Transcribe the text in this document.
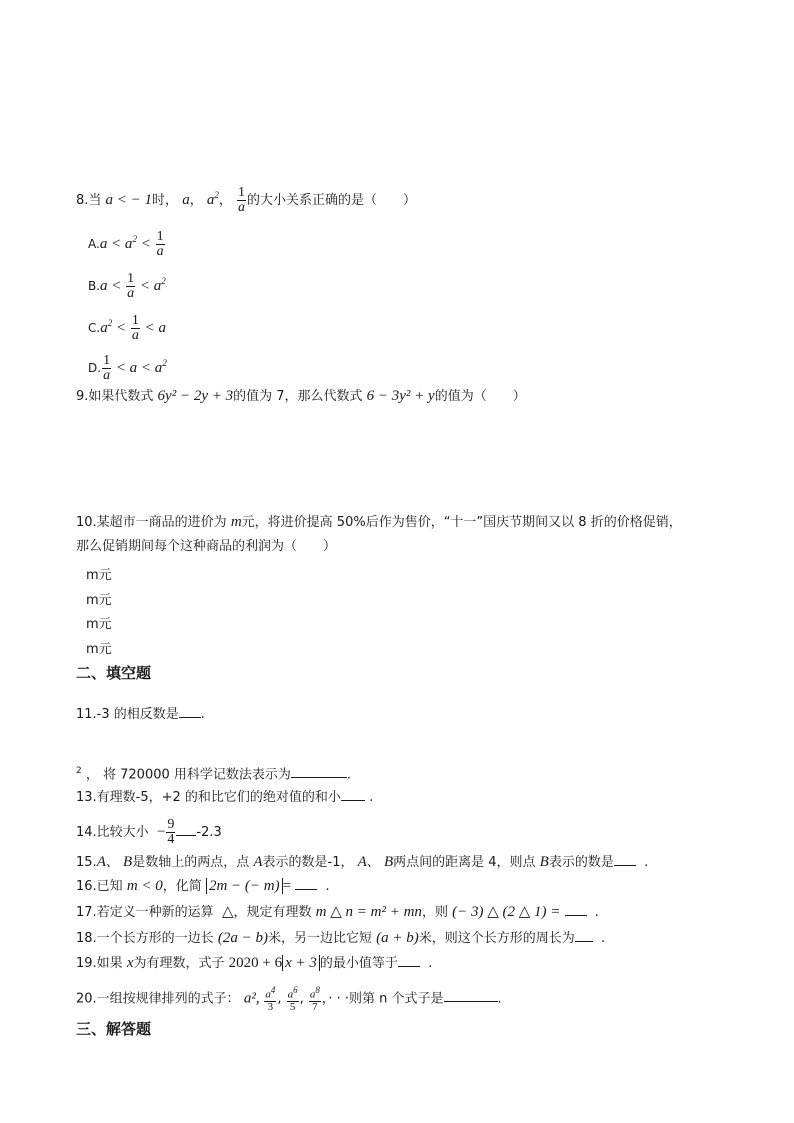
8.当 a < − 1时， a， $a^2$， $\frac{1}{a}$ 的大小关系正确的是（　　）
$A.a < a^2 < \frac{1}{a}$
$B.a < \frac{1}{a} < a^2$
$C.a^2 < \frac{1}{a} < a$
D. $\frac{1}{a} < a < a^2$
9.如果代数式 6y² − 2y + 3的值为 7，那么代数式 6 − 3y² + y的值为（　　）
10.某超市一商品的进价为 m元，将进价提高 50%后作为售价，“十一”国庆节期间又以 8 折的价格促销，
那么促销期间每个这种商品的利润为（　　）
m元
m元
m元
m元
二、填空题
11.-3 的相反数是 .
$^2$ ， 将 720000 用科学记数法表示为	.
13.有理数-5，+2 的和比它们的绝对值的和小 .
14.比较大小 − $\frac{9}{4} -2.3$
15.A、 B是数轴上的两点，点 A表示的数是-1， A、 B两点间的距离是 4，则点 B表示的数是 .
16.已知 m < 0，化简 2m − (− m) =	.
17.若定义一种新的运算 △，规定有理数 m △ n = m² + mn，则 (− 3) △ (2 △ 1) =	.
18.一个长方形的一边长 (2a − b)米，另一边比它短 (a + b)米，则这个长方形的周长为 .
19.如果 x为有理数，式子 2020 + 6 x + 3 的最小值等于 .
20.一组按规律排列的式子： a², $\frac{a^4}{3}$ , $\frac{a^6}{5}$ , $\frac{a^8}{7}$ ，· · ·则第 n 个式子是	.
三、解答题
